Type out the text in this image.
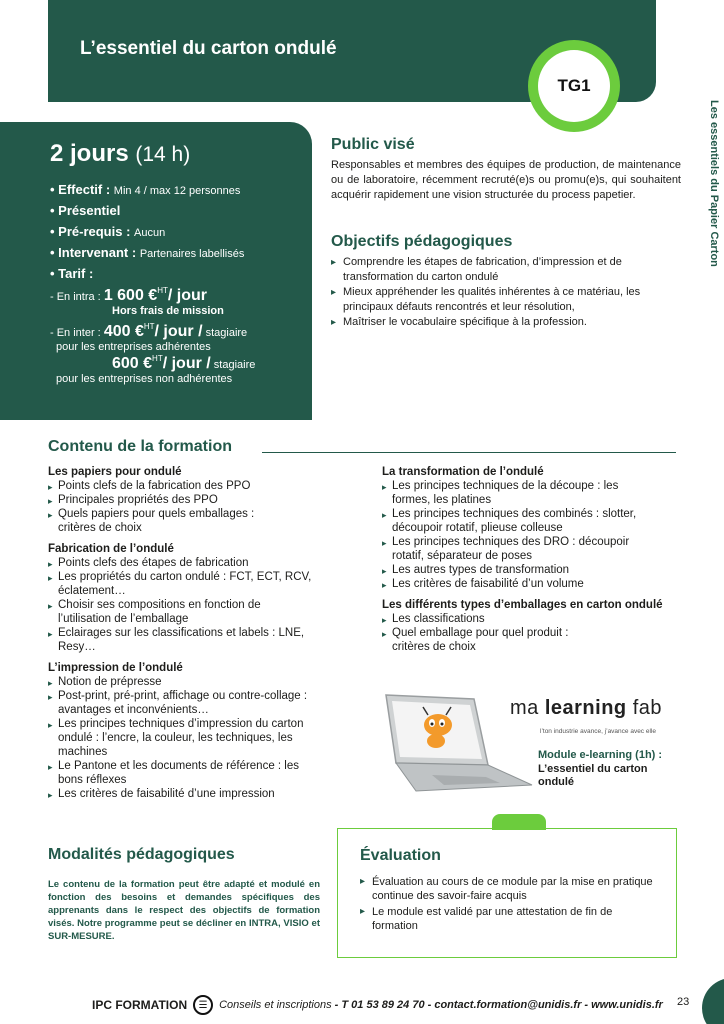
L’essentiel du carton ondulé
TG1
Les essentiels du Papier Carton
2 jours (14 h)
• Effectif : Min 4 / max 12 personnes
• Présentiel
• Pré-requis : Aucun
• Intervenant : Partenaires labellisés
• Tarif :
- En intra : 1 600 €$^{HT}$/ jour
Hors frais de mission
- En inter : 400 €$^{HT}$/ jour / stagiaire
pour les entreprises adhérentes
600 €$^{HT}$/ jour / stagiaire
pour les entreprises non adhérentes
Public visé

Responsables et membres des équipes de production, de maintenance ou de laboratoire, récemment recruté(e)s ou promu(e)s, qui souhaitent acquérir rapidement une vision structurée du process papetier.

Objectifs pédagogiques
▸ Comprendre les étapes de fabrication, d’impression et de transformation du carton ondulé
▸ Mieux appréhender les qualités inhérentes à ce matériau, les principaux défauts rencontrés et leur résolution,
▸ Maîtriser le vocabulaire spécifique à la profession.
Contenu de la formation
Les papiers pour ondulé
▸ Points clefs de la fabrication des PPO
▸ Principales propriétés des PPO
▸ Quels papiers pour quels emballages : critères de choix
Fabrication de l’ondulé
▸ Points clefs des étapes de fabrication
▸ Les propriétés du carton ondulé : FCT, ECT, RCV, éclatement…
▸ Choisir ses compositions en fonction de l’utilisation de l’emballage
▸ Eclairages sur les classifications et labels : LNE, Resy…
L’impression de l’ondulé
▸ Notion de prépresse
▸ Post-print, pré-print, affichage ou contre-collage : avantages et inconvénients…
▸ Les principes techniques d’impression du carton ondulé : l’encre, la couleur, les techniques, les machines
▸ Le Pantone et les documents de référence : les bons réflexes
▸ Les critères de faisabilité d’une impression
La transformation de l’ondulé
▸ Les principes techniques de la découpe : les formes, les platines
▸ Les principes techniques des combinés : slotter, découpoir rotatif, plieuse colleuse
▸ Les principes techniques des DRO : découpoir rotatif, séparateur de poses
▸ Les autres types de transformation
▸ Les critères de faisabilité d’un volume
Les différents types d’emballages en carton ondulé
▸ Les classifications
▸ Quel emballage pour quel produit : critères de choix
ma learning fab
l’ton industrie avance, j’avance avec elle
Module e-learning (1h) :
L’essentiel du carton ondulé
Modalités pédagogiques

Le contenu de la formation peut être adapté et modulé en fonction des besoins et demandes spécifiques des apprenants dans le respect des objectifs de formation visés. Notre programme peut se décliner en INTRA, VISIO et SUR-MESURE.

Évaluation
▸ Évaluation au cours de ce module par la mise en pratique continue des savoir-faire acquis
▸ Le module est validé par une attestation de fin de formation
IPC FORMATION	☰	Conseils et inscriptions - T 01 53 89 24 70 - contact.formation@unidis.fr - www.unidis.fr 23
